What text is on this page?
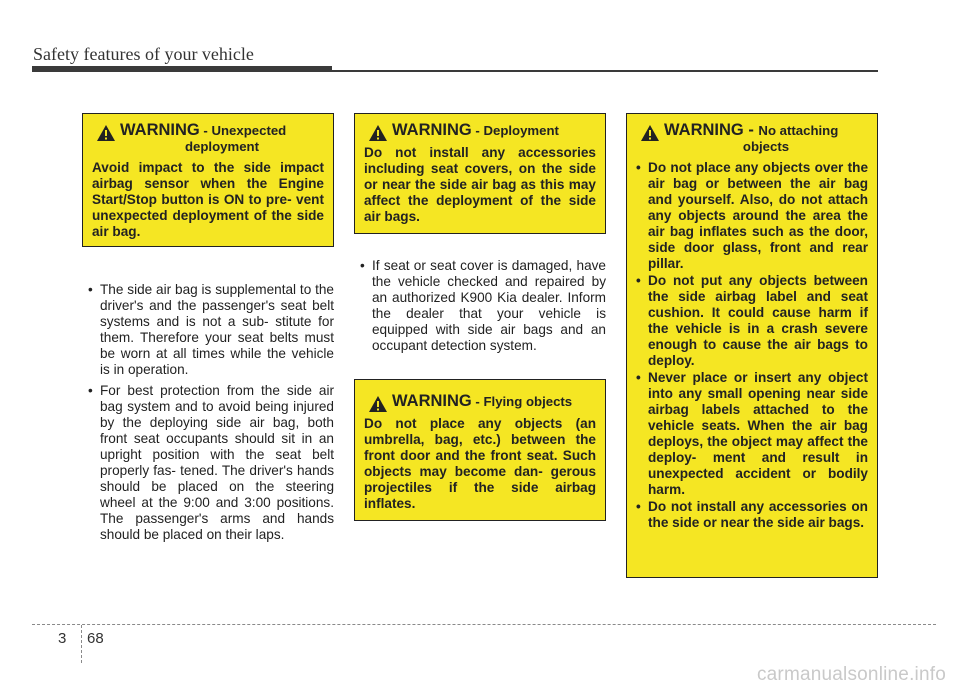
Safety features of your vehicle
WARNING - Unexpected
deployment

Avoid impact to the side impact airbag sensor when the Engine Start/Stop button is ON to pre- vent unexpected deployment of the side air bag.

WARNING - Deployment

Do not install any accessories including seat covers, on the side or near the side air bag as this may affect the deployment of the side air bags.

WARNING - Flying objects

Do not place any objects (an umbrella, bag, etc.) between the front door and the front seat. Such objects may become dan- gerous projectiles if the side airbag inflates.

WARNING - No attaching
objects
• Do not place any objects over the air bag or between the air bag and yourself. Also, do not attach any objects around the area the air bag inflates such as the door, side door glass, front and rear pillar.
• Do not put any objects between the side airbag label and seat cushion. It could cause harm if the vehicle is in a crash severe enough to cause the air bags to deploy.
• Never place or insert any object into any small opening near side airbag labels attached to the vehicle seats. When the air bag deploys, the object may affect the deploy- ment and result in unexpected accident or bodily harm.
• Do not install any accessories on the side or near the side air bags.
• The side air bag is supplemental to the driver's and the passenger's seat belt systems and is not a sub- stitute for them. Therefore your seat belts must be worn at all times while the vehicle is in operation.
• For best protection from the side air bag system and to avoid being injured by the deploying side air bag, both front seat occupants should sit in an upright position with the seat belt properly fas- tened. The driver's hands should be placed on the steering wheel at the 9:00 and 3:00 positions. The passenger's arms and hands should be placed on their laps.
• If seat or seat cover is damaged, have the vehicle checked and repaired by an authorized K900 Kia dealer. Inform the dealer that your vehicle is equipped with side air bags and an occupant detection system.
3 68
carmanualsonline.info
